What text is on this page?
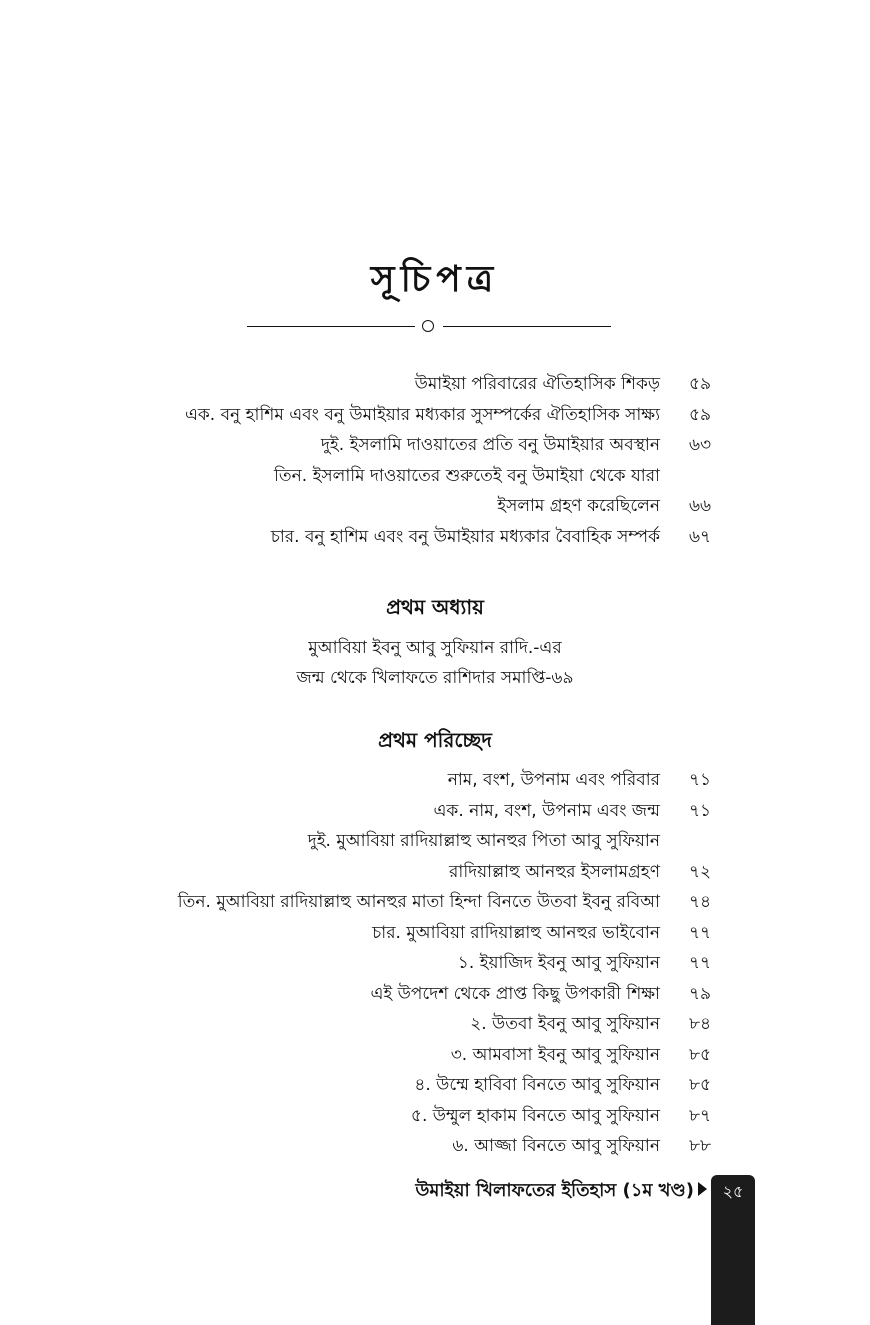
সূচিপত্র
উমাইয়া পরিবারের ঐতিহাসিক শিকড় ৫৯
এক. বনু হাশিম এবং বনু উমাইয়ার মধ্যকার সুসম্পর্কের ঐতিহাসিক সাক্ষ্য ৫৯
দুই. ইসলামি দাওয়াতের প্রতি বনু উমাইয়ার অবস্থান ৬৩
তিন. ইসলামি দাওয়াতের শুরুতেই বনু উমাইয়া থেকে যারা
ইসলাম গ্রহণ করেছিলেন ৬৬
চার. বনু হাশিম এবং বনু উমাইয়ার মধ্যকার বৈবাহিক সম্পর্ক ৬৭
প্রথম অধ্যায়
মুআবিয়া ইবনু আবু সুফিয়ান রাদি.-এর
জন্ম থেকে খিলাফতে রাশিদার সমাপ্তি-৬৯
প্রথম পরিচ্ছেদ
নাম, বংশ, উপনাম এবং পরিবার ৭১
এক. নাম, বংশ, উপনাম এবং জন্ম ৭১
দুই. মুআবিয়া রাদিয়াল্লাহু আনহুর পিতা আবু সুফিয়ান
রাদিয়াল্লাহু আনহুর ইসলামগ্রহণ ৭২
তিন. মুআবিয়া রাদিয়াল্লাহু আনহুর মাতা হিন্দা বিনতে উতবা ইবনু রবিআ ৭৪
চার. মুআবিয়া রাদিয়াল্লাহু আনহুর ভাইবোন ৭৭
১. ইয়াজিদ ইবনু আবু সুফিয়ান ৭৭
এই উপদেশ থেকে প্রাপ্ত কিছু উপকারী শিক্ষা ৭৯
২. উতবা ইবনু আবু সুফিয়ান ৮৪
৩. আমবাসা ইবনু আবু সুফিয়ান ৮৫
৪. উম্মে হাবিবা বিনতে আবু সুফিয়ান ৮৫
৫. উম্মুল হাকাম বিনতে আবু সুফিয়ান ৮৭
৬. আজ্জা বিনতে আবু সুফিয়ান ৮৮
উমাইয়া খিলাফতের ইতিহাস (১ম খণ্ড)	২৫
